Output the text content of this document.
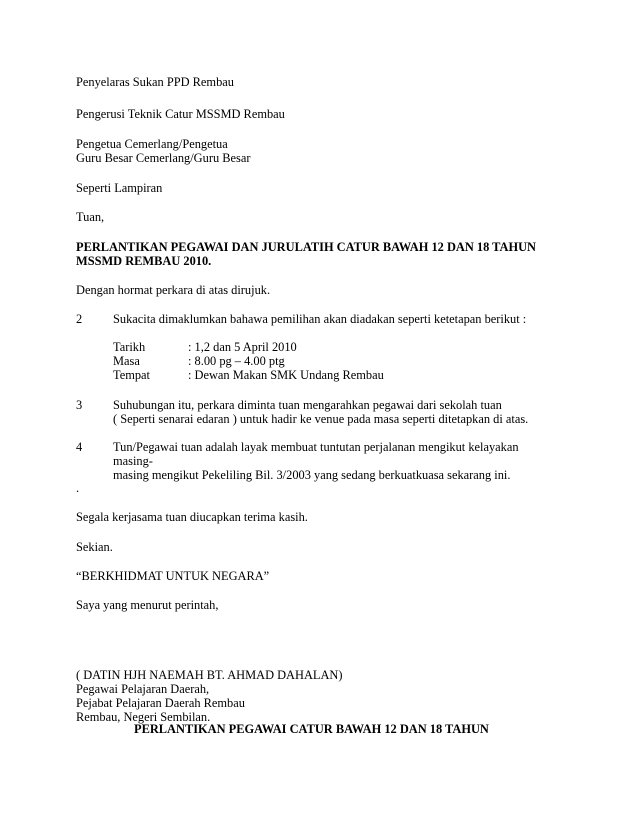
Penyelaras Sukan PPD Rembau
Pengerusi Teknik Catur MSSMD Rembau
Pengetua Cemerlang/Pengetua
Guru Besar Cemerlang/Guru Besar
Seperti Lampiran
Tuan,
PERLANTIKAN PEGAWAI DAN JURULATIH CATUR BAWAH 12 DAN 18 TAHUN
MSSMD REMBAU 2010.
Dengan hormat perkara di atas dirujuk.
2 Sukacita dimaklumkan bahawa pemilihan akan diadakan seperti ketetapan berikut :
Tarikh	: 1,2 dan 5 April 2010
Masa	: 8.00 pg – 4.00 ptg
Tempat	: Dewan Makan SMK Undang Rembau
3 Suhubungan itu, perkara diminta tuan mengarahkan pegawai dari sekolah tuan
( Seperti senarai edaran ) untuk hadir ke venue pada masa seperti ditetapkan di atas.
4 Tun/Pegawai tuan adalah layak membuat tuntutan perjalanan mengikut kelayakan
masing-
masing mengikut Pekeliling Bil. 3/2003 yang sedang berkuatkuasa sekarang ini.
.
Segala kerjasama tuan diucapkan terima kasih.
Sekian.
“BERKHIDMAT UNTUK NEGARA”
Saya yang menurut perintah,
( DATIN HJH NAEMAH BT. AHMAD DAHALAN)
Pegawai Pelajaran Daerah,
Pejabat Pelajaran Daerah Rembau
Rembau, Negeri Sembilan.
PERLANTIKAN PEGAWAI CATUR BAWAH 12 DAN 18 TAHUN
